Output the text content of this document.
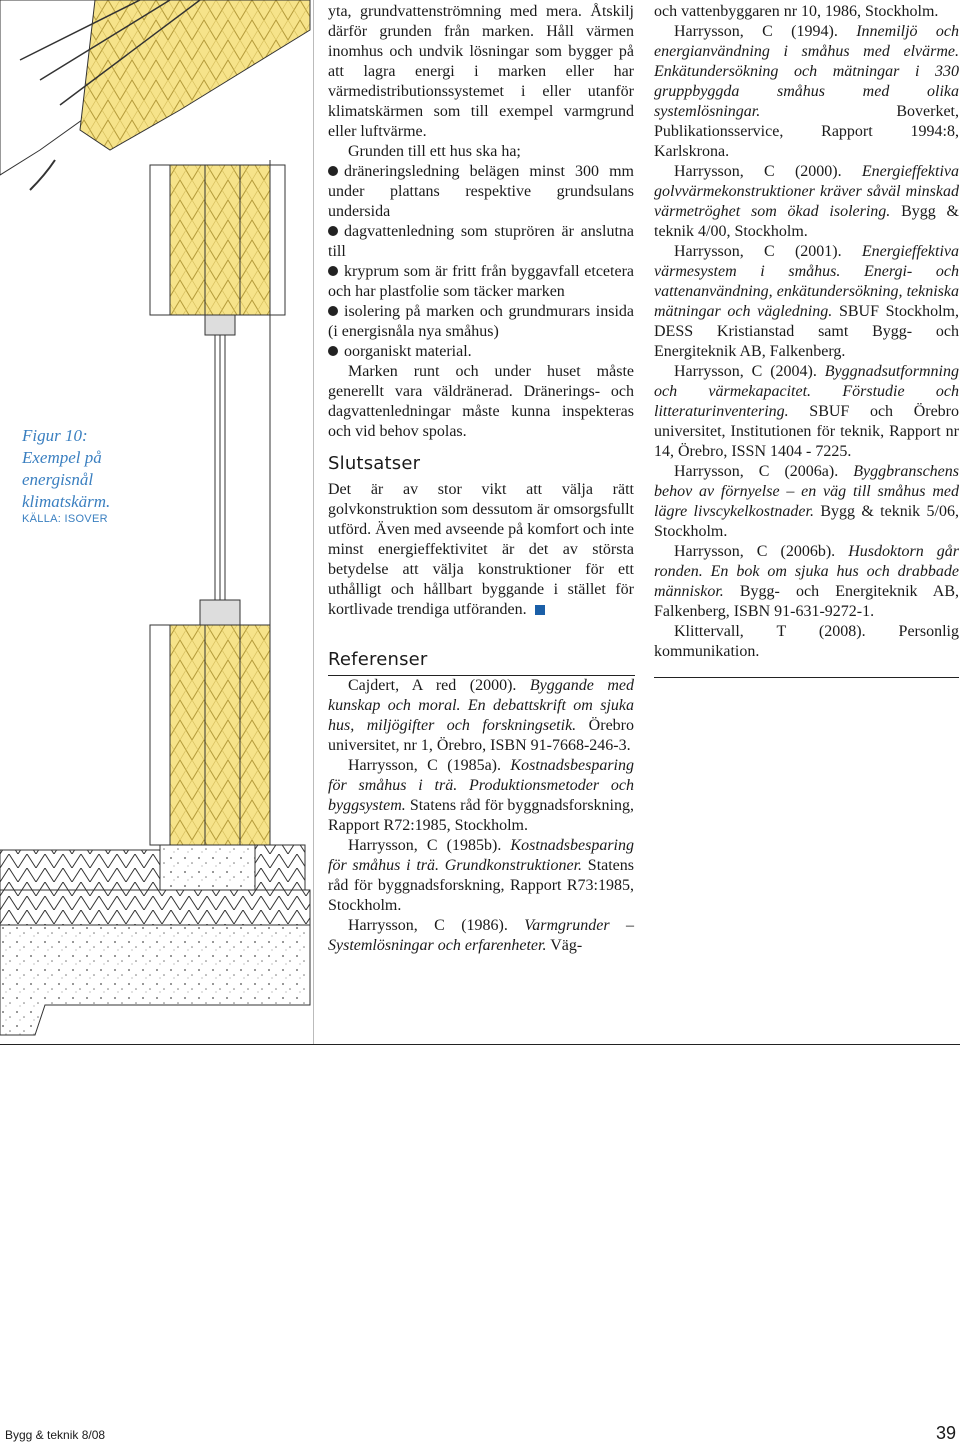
Figur 10: Exempel på energisnål klimatskärm.
KÄLLA: ISOVER

yta, grundvattenströmning med mera. Åtskilj därför grunden från marken. Håll värmen inomhus och undvik lösningar som bygger på att lagra energi i marken eller har värmedistributionssystemet i eller utanför klimatskärmen som till exempel varmgrund eller luftvärme.

Grunden till ett hus ska ha;

dräneringsledning belägen minst 300 mm under plattans respektive grundsulans undersida

dagvattenledning som stuprören är anslutna till

kryprum som är fritt från byggavfall etcetera och har plastfolie som täcker marken

isolering på marken och grundmurars insida (i energisnåla nya småhus)

oorganiskt material.

Marken runt och under huset måste generellt vara väldränerad. Dränerings- och dagvattenledningar måste kunna inspekteras och vid behov spolas.

Slutsatser

Det är av stor vikt att välja rätt golvkonstruktion som dessutom är omsorgsfullt utförd. Även med avseende på komfort och inte minst energieffektivitet är det av största betydelse att välja konstruktioner för ett uthålligt och hållbart byggande i stället för kortlivade trendiga utföranden.

Referenser

Cajdert, A red (2000). Byggande med kunskap och moral. En debattskrift om sjuka hus, miljögifter och forskningsetik. Örebro universitet, nr 1, Örebro, ISBN 91-7668-246-3.

Harrysson, C (1985a). Kostnadsbesparing för småhus i trä. Produktionsmetoder och byggsystem. Statens råd för byggnadsforskning, Rapport R72:1985, Stockholm.

Harrysson, C (1985b). Kostnadsbesparing för småhus i trä. Grundkonstruktioner. Statens råd för byggnadsforskning, Rapport R73:1985, Stockholm.

Harrysson, C (1986). Varmgrunder – Systemlösningar och erfarenheter. Väg-

och vattenbyggaren nr 10, 1986, Stockholm.

Harrysson, C (1994). Innemiljö och energianvändning i småhus med elvärme. Enkätundersökning och mätningar i 330 gruppbyggda småhus med olika systemlösningar. Boverket, Publikationsservice, Rapport 1994:8, Karlskrona.

Harrysson, C (2000). Energieffektiva golvvärmekonstruktioner kräver såväl minskad värmetröghet som ökad isolering. Bygg & teknik 4/00, Stockholm.

Harrysson, C (2001). Energieffektiva värmesystem i småhus. Energi- och vattenanvändning, enkätundersökning, tekniska mätningar och vägledning. SBUF Stockholm, DESS Kristianstad samt Bygg- och Energiteknik AB, Falkenberg.

Harrysson, C (2004). Byggnadsutformning och värmekapacitet. Förstudie och litteraturinventering. SBUF och Örebro universitet, Institutionen för teknik, Rapport nr 14, Örebro, ISSN 1404 - 7225.

Harrysson, C (2006a). Byggbranschens behov av förnyelse – en väg till småhus med lägre livscykelkostnader. Bygg & teknik 5/06, Stockholm.

Harrysson, C (2006b). Husdoktorn går ronden. En bok om sjuka hus och drabbade människor. Bygg- och Energiteknik AB, Falkenberg, ISBN 91-631-9272-1.

Klittervall, T (2008). Personlig kommunikation.

Bygg & teknik 8/08	39
